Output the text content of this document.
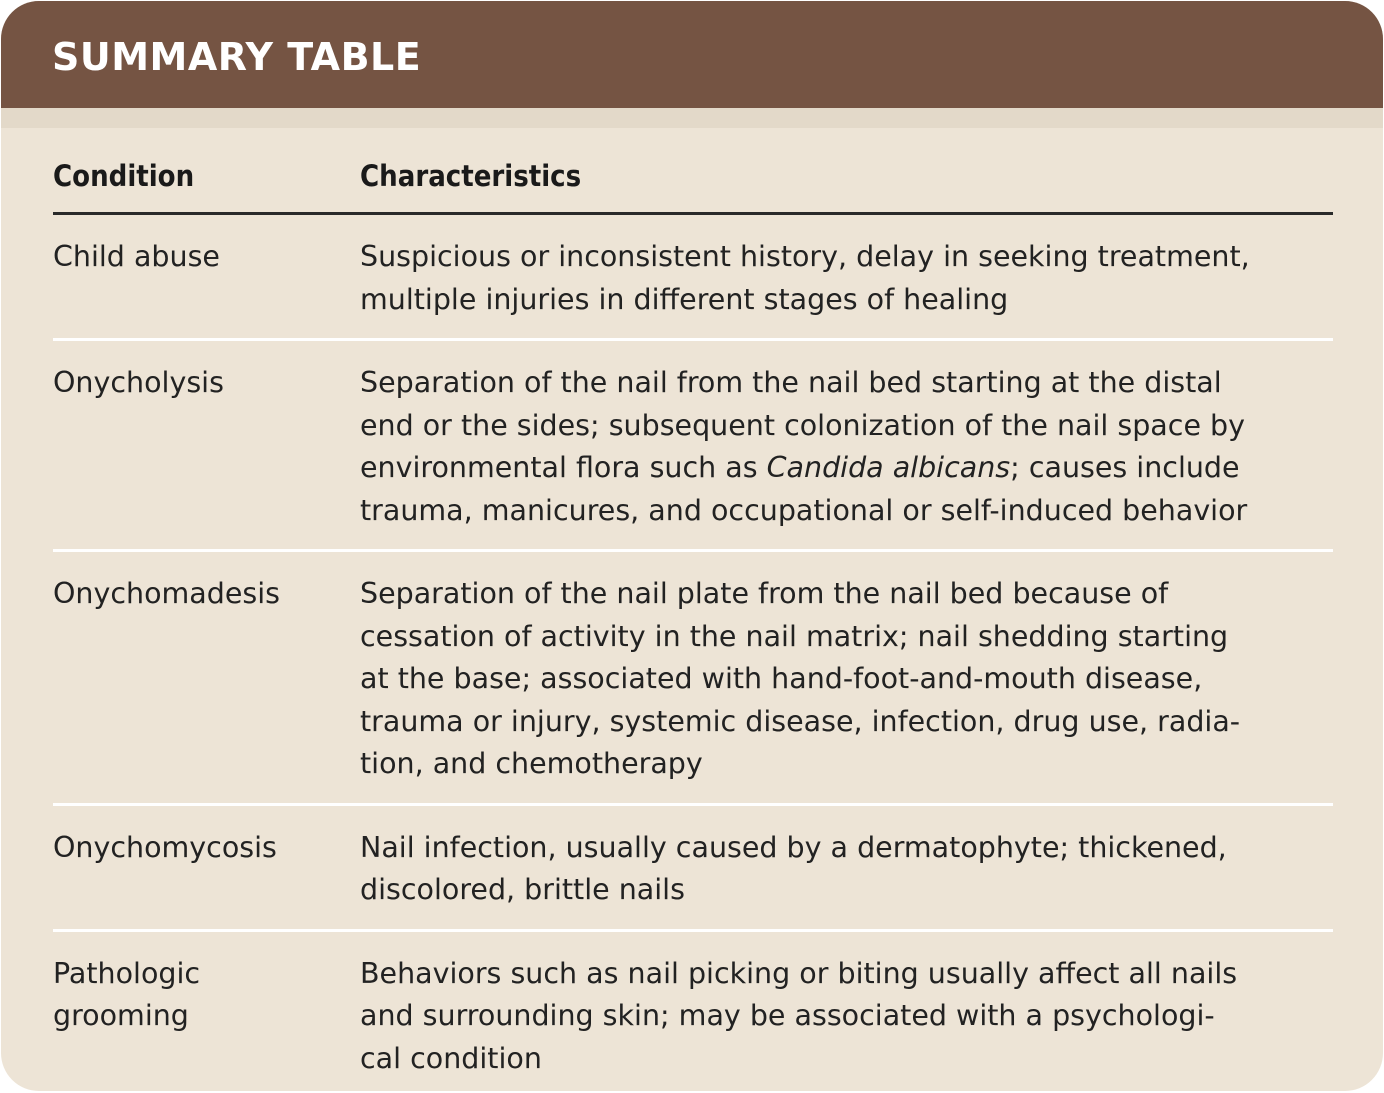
SUMMARY TABLE
Condition	Characteristics

Child abuse	Suspicious or inconsistent history, delay in seeking treatment,
multiple injuries in different stages of healing

Onycholysis	Separation of the nail from the nail bed starting at the distal
end or the sides; subsequent colonization of the nail space by
environmental flora such as Candida albicans; causes include
trauma, manicures, and occupational or self-induced behavior

Onychomadesis	Separation of the nail plate from the nail bed because of
cessation of activity in the nail matrix; nail shedding starting
at the base; associated with hand-foot-and-mouth disease,
trauma or injury, systemic disease, infection, drug use, radia-
tion, and chemotherapy

Onychomycosis	Nail infection, usually caused by a dermatophyte; thickened,
discolored, brittle nails

Pathologic
grooming	Behaviors such as nail picking or biting usually affect all nails
and surrounding skin; may be associated with a psychologi-
cal condition
